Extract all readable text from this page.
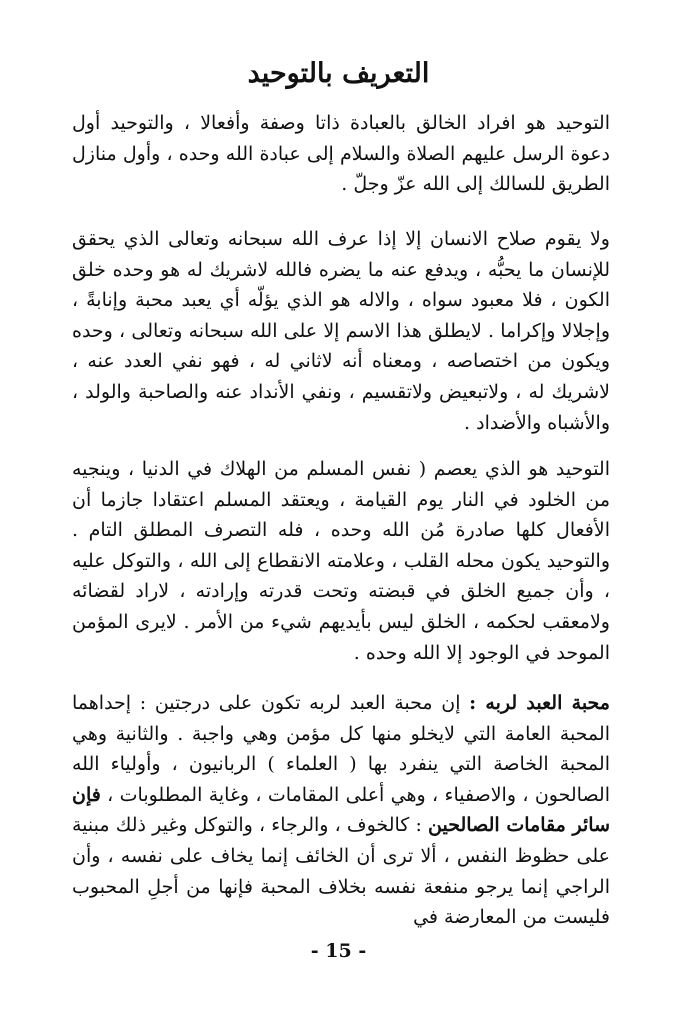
التعريف بالتوحيد

التوحيد هو افراد الخالق بالعبادة ذاتا وصفة وأفعالا ، والتوحيد أول دعوة الرسل عليهم الصلاة والسلام إلى عبادة الله وحده ، وأول منازل الطريق للسالك إلى الله عزّ وجلّ .

ولا يقوم صلاح الانسان إلا إذا عرف الله سبحانه وتعالى الذي يحقق للإنسان ما يحبُّه ، ويدفع عنه ما يضره فالله لاشريك له هو وحده خلق الكون ، فلا معبود سواه ، والاله هو الذي يؤلّه أي يعبد محبة وإنابةً ، وإجلالا وإكراما . لايطلق هذا الاسم إلا على الله سبحانه وتعالى ، وحده ويكون من اختصاصه ، ومعناه أنه لاثاني له ، فهو نفي العدد عنه ، لاشريك له ، ولاتبعيض ولاتقسيم ، ونفي الأنداد عنه والصاحبة والولد ، والأشباه والأضداد .

التوحيد هو الذي يعصم ( نفس المسلم من الهلاك في الدنيا ، وينجيه من الخلود في النار يوم القيامة ، ويعتقد المسلم اعتقادا جازما أن الأفعال كلها صادرة مُن الله وحده ، فله التصرف المطلق التام . والتوحيد يكون محله القلب ، وعلامته الانقطاع إلى الله ، والتوكل عليه ، وأن جميع الخلق في قبضته وتحت قدرته وإرادته ، لاراد لقضائه ولامعقب لحكمه ، الخلق ليس بأيديهم شيء من الأمر . لايرى المؤمن الموحد في الوجود إلا الله وحده .

محبة العبد لربه : إن محبة العبد لربه تكون على درجتين : إحداهما المحبة العامة التي لايخلو منها كل مؤمن وهي واجبة . والثانية وهي المحبة الخاصة التي ينفرد بها ( العلماء ) الربانيون ، وأولياء الله الصالحون ، والاصفياء ، وهي أعلى المقامات ، وغاية المطلوبات ، فإن سائر مقامات الصالحين : كالخوف ، والرجاء ، والتوكل وغير ذلك مبنية على حظوظ النفس ، ألا ترى أن الخائف إنما يخاف على نفسه ، وأن الراجي إنما يرجو منفعة نفسه بخلاف المحبة فإنها من أجلِ المحبوب فليست من المعارضة في

- 15 -
